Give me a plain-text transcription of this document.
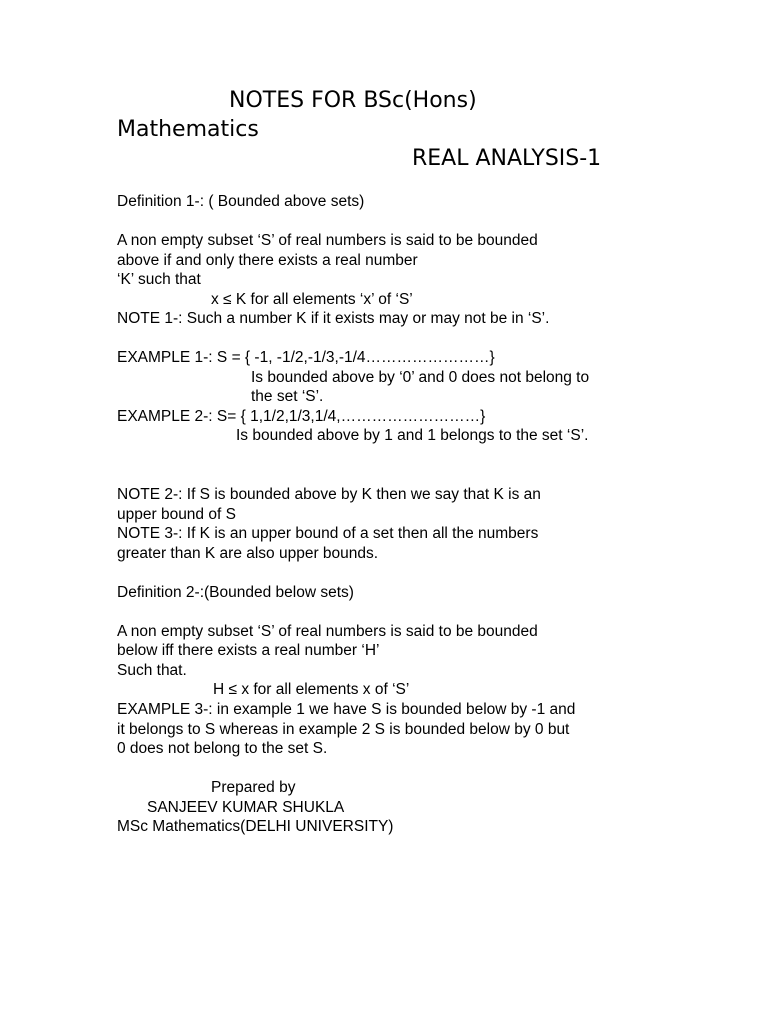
NOTES FOR BSc(Hons)
Mathematics
REAL ANALYSIS-1
Definition 1-: ( Bounded above sets)
A non empty subset ‘S’ of real numbers is said to be bounded
above if and only there exists a real number
‘K’ such that
x ≤ K for all elements ‘x’ of ‘S’
NOTE 1-: Such a number K if it exists may or may not be in ‘S’.
EXAMPLE 1-: S = { -1, -1/2,-1/3,-1/4……………………}
Is bounded above by ‘0’ and 0 does not belong to
the set ‘S’.
EXAMPLE 2-: S= { 1,1/2,1/3,1/4,………………………}
Is bounded above by 1 and 1 belongs to the set ‘S’.
NOTE 2-: If S is bounded above by K then we say that K is an
upper bound of S
NOTE 3-: If K is an upper bound of a set then all the numbers
greater than K are also upper bounds.
Definition 2-:(Bounded below sets)
A non empty subset ‘S’ of real numbers is said to be bounded
below iff there exists a real number ‘H’
Such that.
H ≤ x for all elements x of ‘S’
EXAMPLE 3-: in example 1 we have S is bounded below by -1 and
it belongs to S whereas in example 2 S is bounded below by 0 but
0 does not belong to the set S.
Prepared by
SANJEEV KUMAR SHUKLA
MSc Mathematics(DELHI UNIVERSITY)
